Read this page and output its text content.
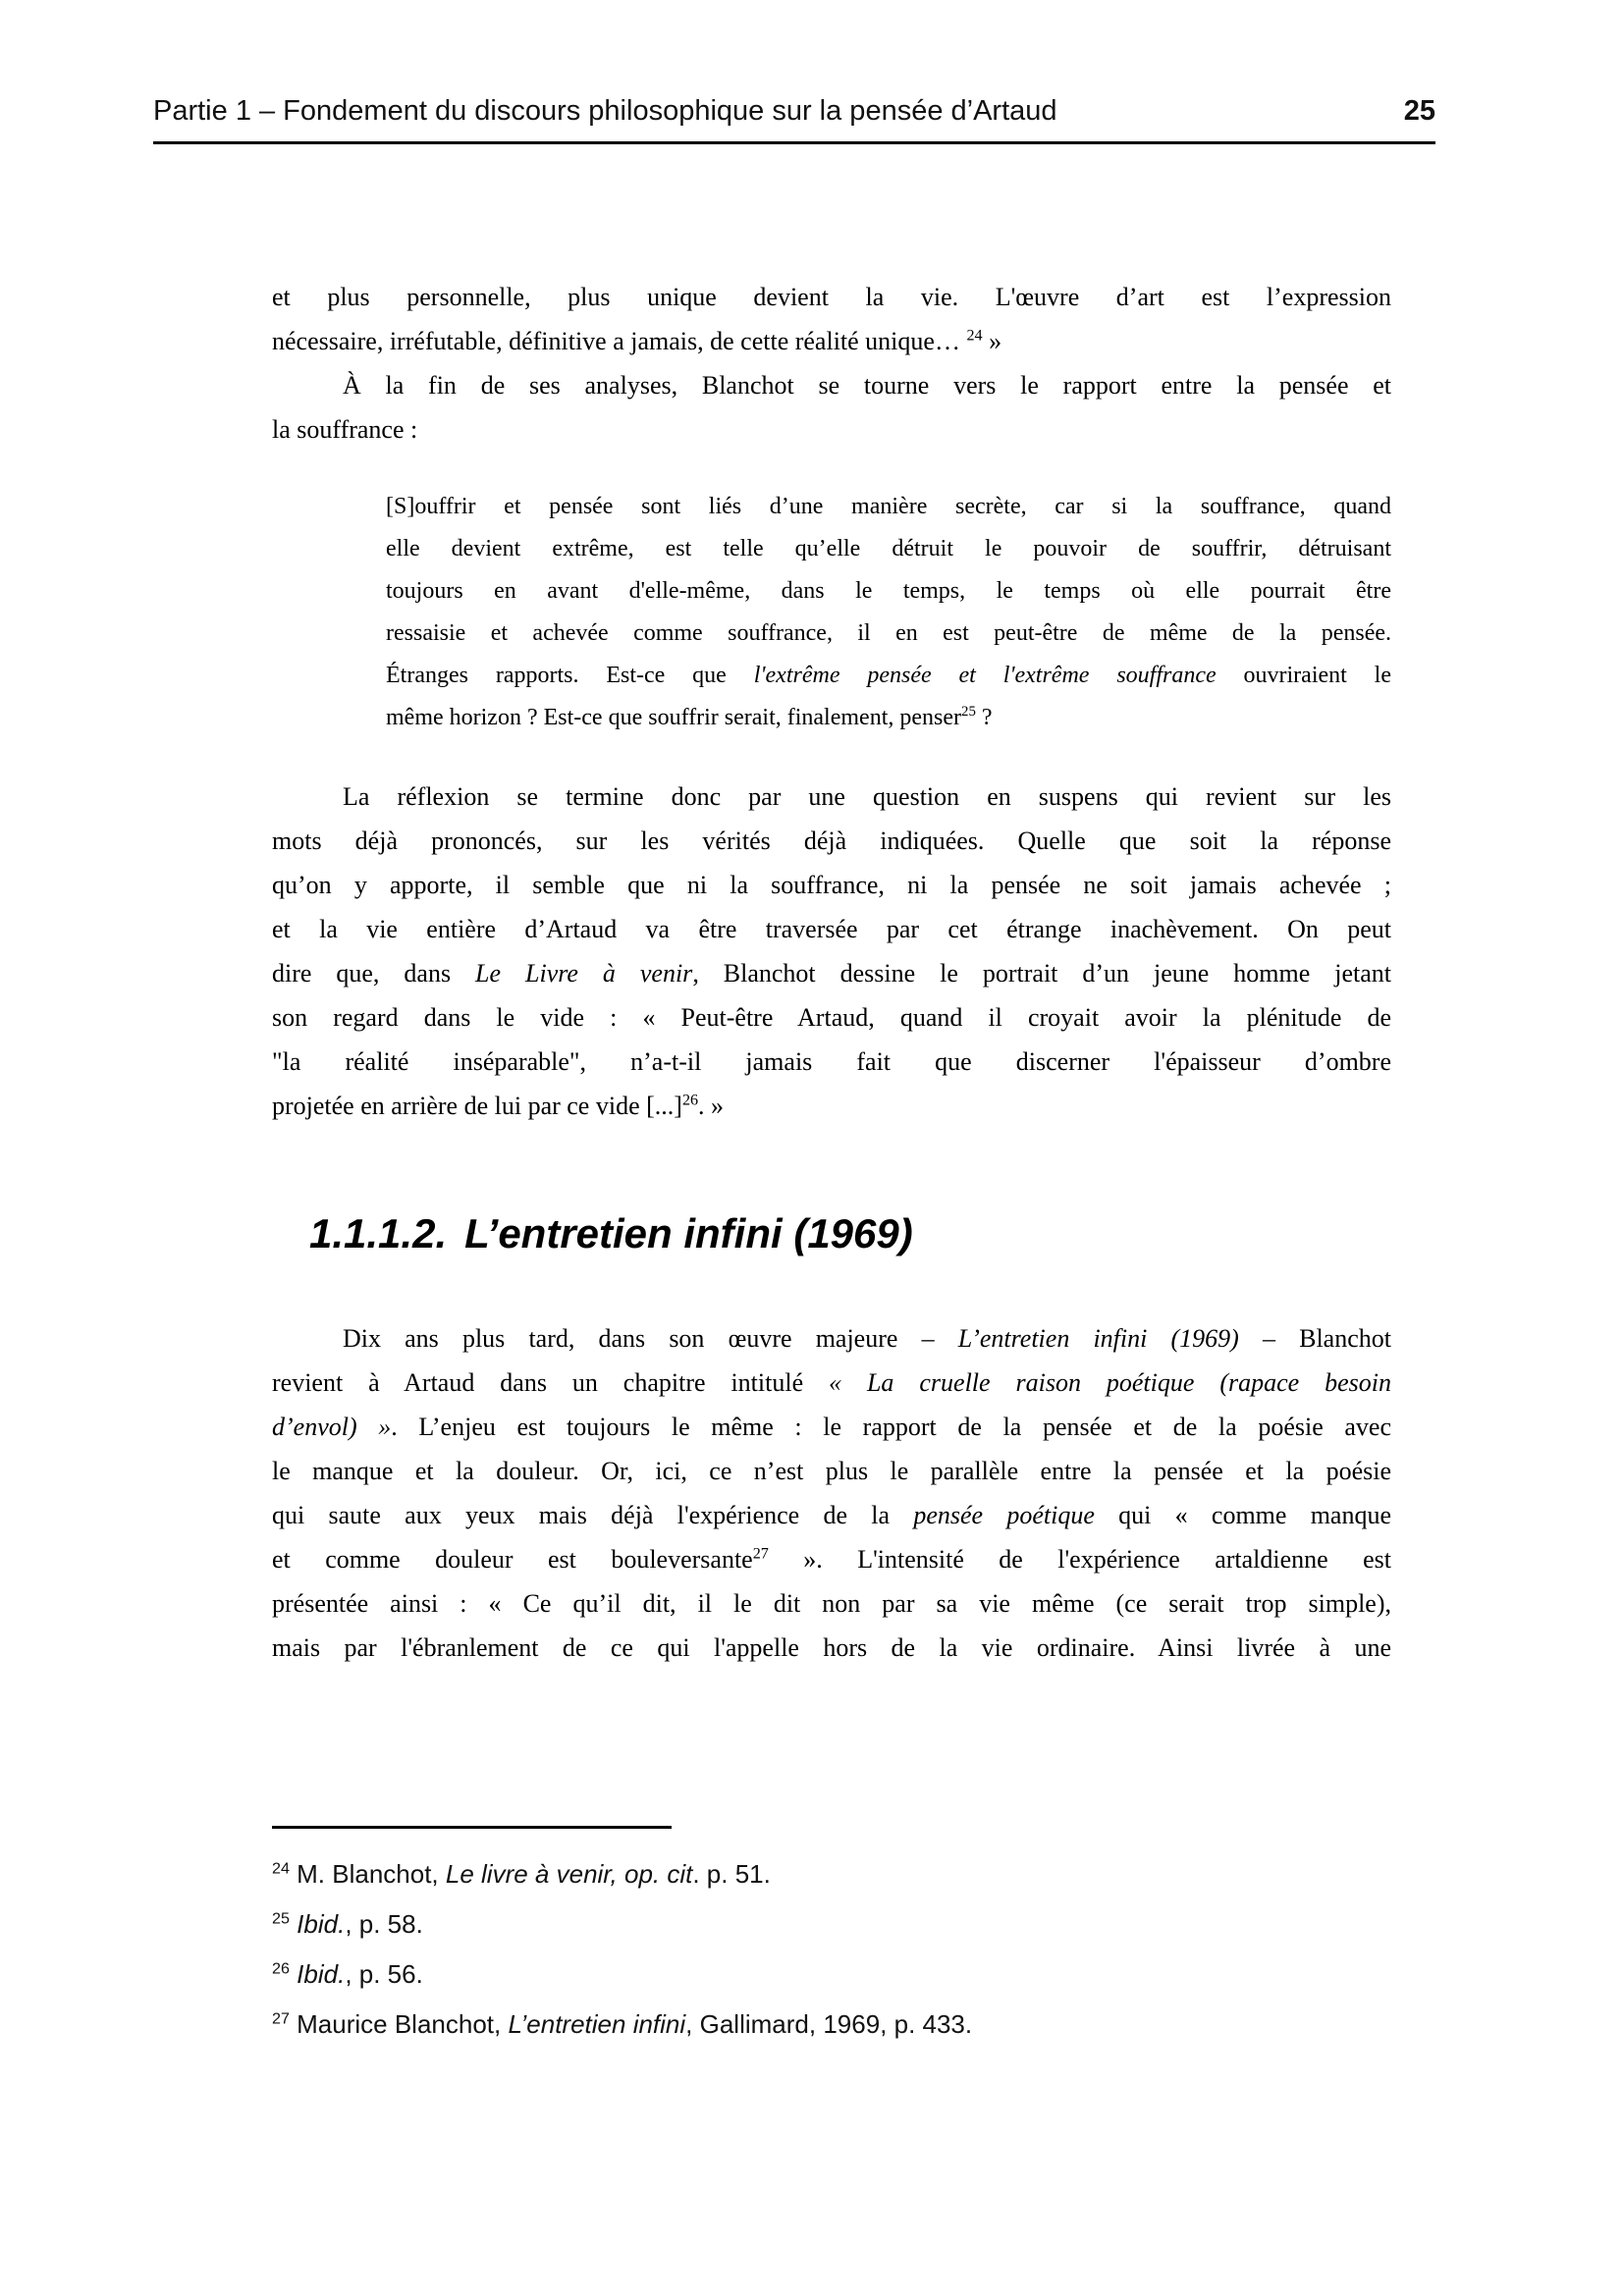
Partie 1 – Fondement du discours philosophique sur la pensée d’Artaud	25
et plus personnelle, plus unique devient la vie. L'œuvre d’art est l’expression
nécessaire, irréfutable, définitive a jamais, de cette réalité unique… $^{24}$ »
À la fin de ses analyses, Blanchot se tourne vers le rapport entre la pensée et
la souffrance :
[S]ouffrir et pensée sont liés d’une manière secrète, car si la souffrance, quand
elle devient extrême, est telle qu’elle détruit le pouvoir de souffrir, détruisant
toujours en avant d'elle-même, dans le temps, le temps où elle pourrait être
ressaisie et achevée comme souffrance, il en est peut-être de même de la pensée.
Étranges rapports. Est-ce que l'extrême pensée et l'extrême souffrance ouvriraient le
même horizon ? Est-ce que souffrir serait, finalement, penser$^{25}$ ?
La réflexion se termine donc par une question en suspens qui revient sur les
mots déjà prononcés, sur les vérités déjà indiquées. Quelle que soit la réponse
qu’on y apporte, il semble que ni la souffrance, ni la pensée ne soit jamais achevée ;
et la vie entière d’Artaud va être traversée par cet étrange inachèvement. On peut
dire que, dans Le Livre à venir, Blanchot dessine le portrait d’un jeune homme jetant
son regard dans le vide : « Peut-être Artaud, quand il croyait avoir la plénitude de
"la réalité inséparable", n’a-t-il jamais fait que discerner l'épaisseur d’ombre
projetée en arrière de lui par ce vide [...]$^{26}$. »
1.1.1.2. L’entretien infini (1969)
Dix ans plus tard, dans son œuvre majeure – L’entretien infini (1969) – Blanchot
revient à Artaud dans un chapitre intitulé « La cruelle raison poétique (rapace besoin
d’envol) ». L’enjeu est toujours le même : le rapport de la pensée et de la poésie avec
le manque et la douleur. Or, ici, ce n’est plus le parallèle entre la pensée et la poésie
qui saute aux yeux mais déjà l'expérience de la pensée poétique qui « comme manque
et comme douleur est bouleversante$^{27}$ ». L'intensité de l'expérience artaldienne est
présentée ainsi : « Ce qu’il dit, il le dit non par sa vie même (ce serait trop simple),
mais par l'ébranlement de ce qui l'appelle hors de la vie ordinaire. Ainsi livrée à une
$^{24}$ M. Blanchot, Le livre à venir, op. cit. p. 51.
$^{25}$ Ibid., p. 58.
$^{26}$ Ibid., p. 56.
$^{27}$ Maurice Blanchot, L’entretien infini, Gallimard, 1969, p. 433.
